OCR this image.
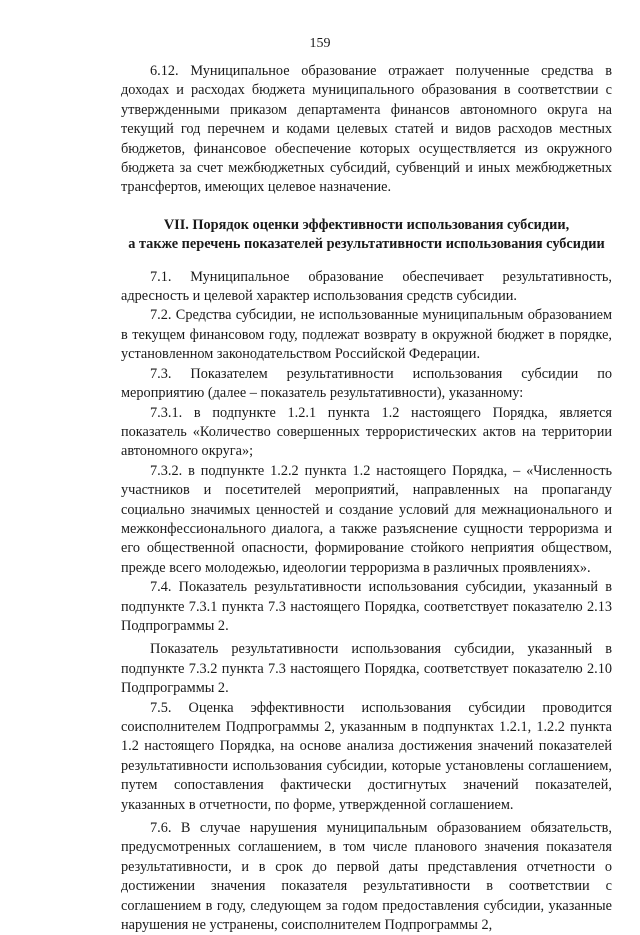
159

6.12. Муниципальное образование отражает полученные средства в доходах и расходах бюджета муниципального образования в соответствии с утвержденными приказом департамента финансов автономного округа на текущий год перечнем и кодами целевых статей и видов расходов местных бюджетов, финансовое обеспечение которых осуществляется из окружного бюджета за счет межбюджетных субсидий, субвенций и иных межбюджетных трансфертов, имеющих целевое назначение.

VII. Порядок оценки эффективности использования субсидии,
а также перечень показателей результативности использования субсидии

7.1. Муниципальное образование обеспечивает результативность, адресность и целевой характер использования средств субсидии.

7.2. Средства субсидии, не использованные муниципальным образованием в текущем финансовом году, подлежат возврату в окружной бюджет в порядке, установленном законодательством Российской Федерации.

7.3. Показателем результативности использования субсидии по мероприятию (далее – показатель результативности), указанному:

7.3.1. в подпункте 1.2.1 пункта 1.2 настоящего Порядка, является показатель «Количество совершенных террористических актов на территории автономного округа»;

7.3.2. в подпункте 1.2.2 пункта 1.2 настоящего Порядка, – «Численность участников и посетителей мероприятий, направленных на пропаганду социально значимых ценностей и создание условий для межнационального и межконфессионального диалога, а также разъяснение сущности терроризма и его общественной опасности, формирование стойкого неприятия обществом, прежде всего молодежью, идеологии терроризма в различных проявлениях».

7.4. Показатель результативности использования субсидии, указанный в подпункте 7.3.1 пункта 7.3 настоящего Порядка, соответствует показателю 2.13 Подпрограммы 2.

Показатель результативности использования субсидии, указанный в подпункте 7.3.2 пункта 7.3 настоящего Порядка, соответствует показателю 2.10 Подпрограммы 2.

7.5. Оценка эффективности использования субсидии проводится соисполнителем Подпрограммы 2, указанным в подпунктах 1.2.1, 1.2.2 пункта 1.2 настоящего Порядка, на основе анализа достижения значений показателей результативности использования субсидии, которые установлены соглашением, путем сопоставления фактически достигнутых значений показателей, указанных в отчетности, по форме, утвержденной соглашением.

7.6. В случае нарушения муниципальным образованием обязательств, предусмотренных соглашением, в том числе планового значения показателя результативности, и в срок до первой даты представления отчетности о достижении значения показателя результативности в соответствии с соглашением в году, следующем за годом предоставления субсидии, указанные нарушения не устранены, соисполнителем Подпрограммы 2,
